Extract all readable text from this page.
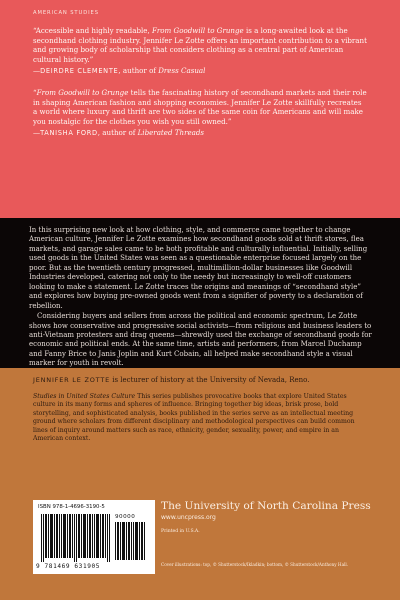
AMERICAN STUDIES

“Accessible and highly readable, From Goodwill to Grunge is a long-awaited look at the secondhand clothing industry. Jennifer Le Zotte offers an important contribution to a vibrant and growing body of scholarship that considers clothing as a central part of American cultural history.”

—DEIRDRE CLEMENTE, author of Dress Casual

“From Goodwill to Grunge tells the fascinating history of secondhand markets and their role in shaping American fashion and shopping economies. Jennifer Le Zotte skillfully recreates a world where luxury and thrift are two sides of the same coin for Americans and will make you nostalgic for the clothes you wish you still owned.”

—TANISHA FORD, author of Liberated Threads

In this surprising new look at how clothing, style, and commerce came together to change American culture, Jennifer Le Zotte examines how secondhand goods sold at thrift stores, flea markets, and garage sales came to be both profitable and culturally influential. Initially, selling used goods in the United States was seen as a questionable enterprise focused largely on the poor. But as the twentieth century progressed, multimillion-dollar businesses like Goodwill Industries developed, catering not only to the needy but increasingly to well-off customers looking to make a statement. Le Zotte traces the origins and meanings of “secondhand style” and explores how buying pre-owned goods went from a signifier of poverty to a declaration of rebellion.

Considering buyers and sellers from across the political and economic spectrum, Le Zotte shows how conservative and progressive social activists—from religious and business leaders to anti-Vietnam protesters and drag queens—shrewdly used the exchange of secondhand goods for economic and political ends. At the same time, artists and performers, from Marcel Duchamp and Fanny Brice to Janis Joplin and Kurt Cobain, all helped make secondhand style a visual marker for youth in revolt.

JENNIFER LE ZOTTE is lecturer of history at the University of Nevada, Reno.

Studies in United States Culture This series publishes provocative books that explore United States culture in its many forms and spheres of influence. Bringing together big ideas, brisk prose, bold storytelling, and sophisticated analysis, books published in the series serve as an intellectual meeting ground where scholars from different disciplinary and methodological perspectives can build common lines of inquiry around matters such as race, ethnicity, gender, sexuality, power, and empire in an American context.

ISBN 978-1-4696-3190-5
90000
9 781469 631905
The University of North Carolina Press
www.uncpress.org
Printed in U.S.A.
Cover illustrations: top, © Shutterstock/Ikladkin; bottom, © Shutterstock/Anthony Hall.
